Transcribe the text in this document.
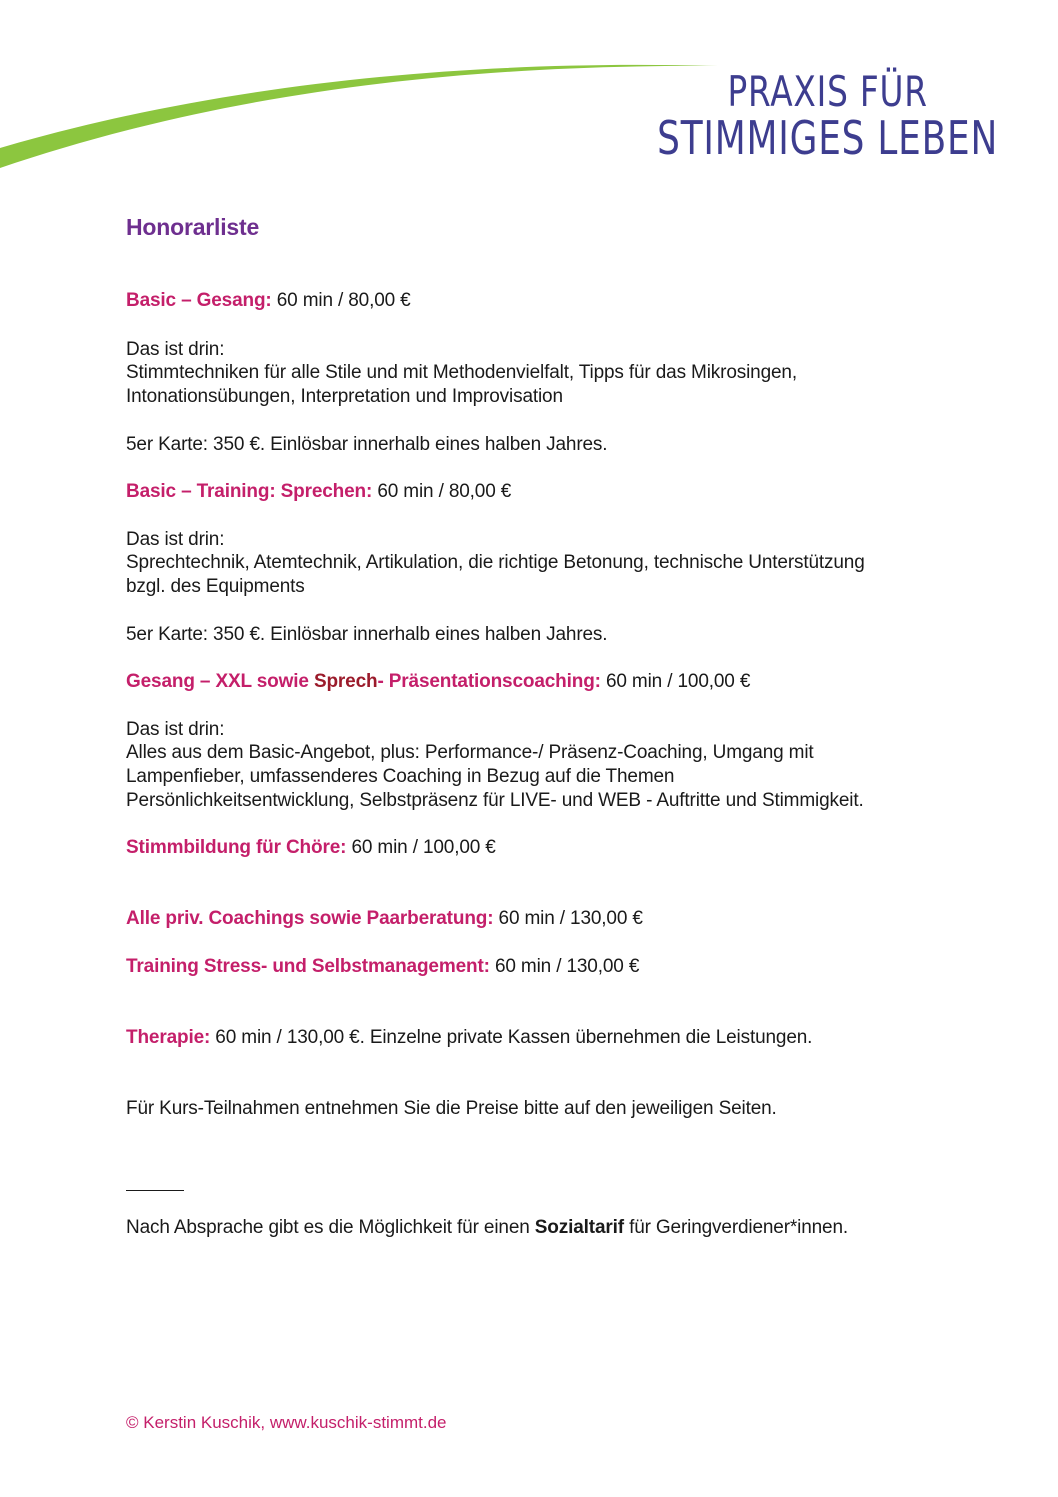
PRAXIS FÜR
STIMMIGES LEBEN
Honorarliste
Basic – Gesang: 60 min / 80,00 €
Das ist drin:
Stimmtechniken für alle Stile und mit Methodenvielfalt, Tipps für das Mikrosingen,
Intonationsübungen, Interpretation und Improvisation
5er Karte: 350 €. Einlösbar innerhalb eines halben Jahres.
Basic – Training: Sprechen: 60 min / 80,00 €
Das ist drin:
Sprechtechnik, Atemtechnik, Artikulation, die richtige Betonung, technische Unterstützung
bzgl. des Equipments
5er Karte: 350 €. Einlösbar innerhalb eines halben Jahres.
Gesang – XXL sowie Sprech- Präsentationscoaching: 60 min / 100,00 €
Das ist drin:
Alles aus dem Basic-Angebot, plus: Performance-/ Präsenz-Coaching, Umgang mit
Lampenfieber, umfassenderes Coaching in Bezug auf die Themen
Persönlichkeitsentwicklung, Selbstpräsenz für LIVE- und WEB - Auftritte und Stimmigkeit.
Stimmbildung für Chöre: 60 min / 100,00 €
Alle priv. Coachings sowie Paarberatung: 60 min / 130,00 €
Training Stress- und Selbstmanagement: 60 min / 130,00 €
Therapie: 60 min / 130,00 €. Einzelne private Kassen übernehmen die Leistungen.
Für Kurs-Teilnahmen entnehmen Sie die Preise bitte auf den jeweiligen Seiten.
Nach Absprache gibt es die Möglichkeit für einen Sozialtarif für Geringverdiener*innen.
© Kerstin Kuschik, www.kuschik-stimmt.de
